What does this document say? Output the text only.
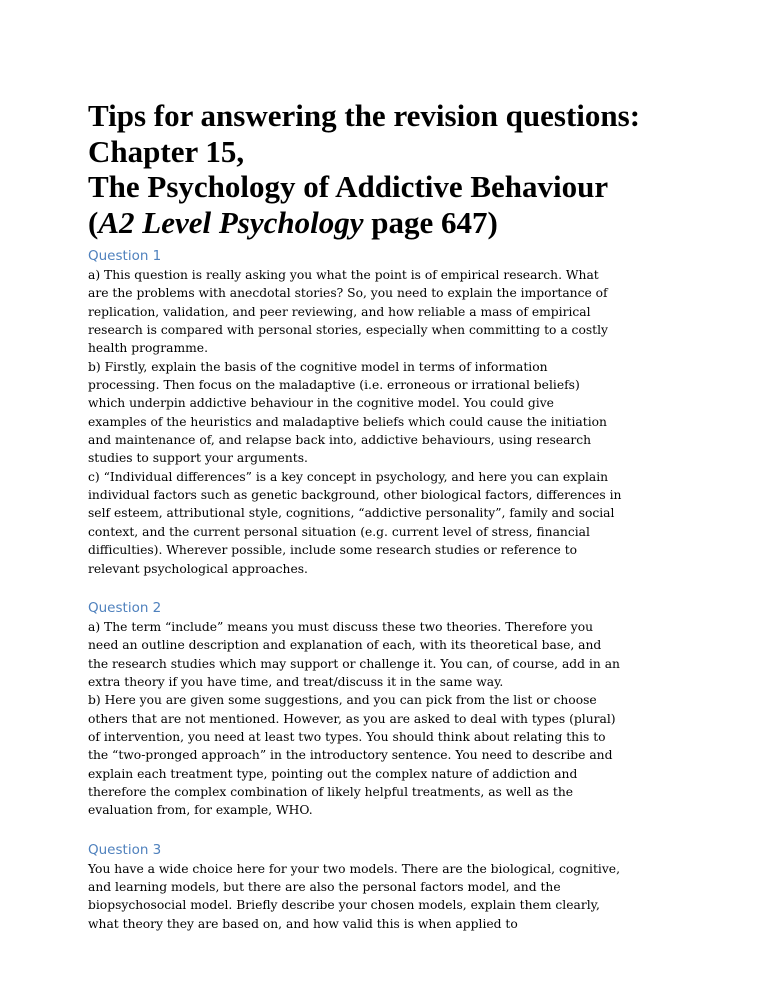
Tips for answering the revision questions:
Chapter 15,
The Psychology of Addictive Behaviour
(A2 Level Psychology page 647)
Question 1

a) This question is really asking you what the point is of empirical research. What
are the problems with anecdotal stories? So, you need to explain the importance of
replication, validation, and peer reviewing, and how reliable a mass of empirical
research is compared with personal stories, especially when committing to a costly
health programme.
b) Firstly, explain the basis of the cognitive model in terms of information
processing. Then focus on the maladaptive (i.e. erroneous or irrational beliefs)
which underpin addictive behaviour in the cognitive model. You could give
examples of the heuristics and maladaptive beliefs which could cause the initiation
and maintenance of, and relapse back into, addictive behaviours, using research
studies to support your arguments.
c) “Individual differences” is a key concept in psychology, and here you can explain
individual factors such as genetic background, other biological factors, differences in
self esteem, attributional style, cognitions, “addictive personality”, family and social
context, and the current personal situation (e.g. current level of stress, financial
difficulties). Wherever possible, include some research studies or reference to
relevant psychological approaches.

Question 2

a) The term “include” means you must discuss these two theories. Therefore you
need an outline description and explanation of each, with its theoretical base, and
the research studies which may support or challenge it. You can, of course, add in an
extra theory if you have time, and treat/discuss it in the same way.
b) Here you are given some suggestions, and you can pick from the list or choose
others that are not mentioned. However, as you are asked to deal with types (plural)
of intervention, you need at least two types. You should think about relating this to
the “two-pronged approach” in the introductory sentence. You need to describe and
explain each treatment type, pointing out the complex nature of addiction and
therefore the complex combination of likely helpful treatments, as well as the
evaluation from, for example, WHO.

Question 3

You have a wide choice here for your two models. There are the biological, cognitive,
and learning models, but there are also the personal factors model, and the
biopsychosocial model. Briefly describe your chosen models, explain them clearly,
what theory they are based on, and how valid this is when applied to
